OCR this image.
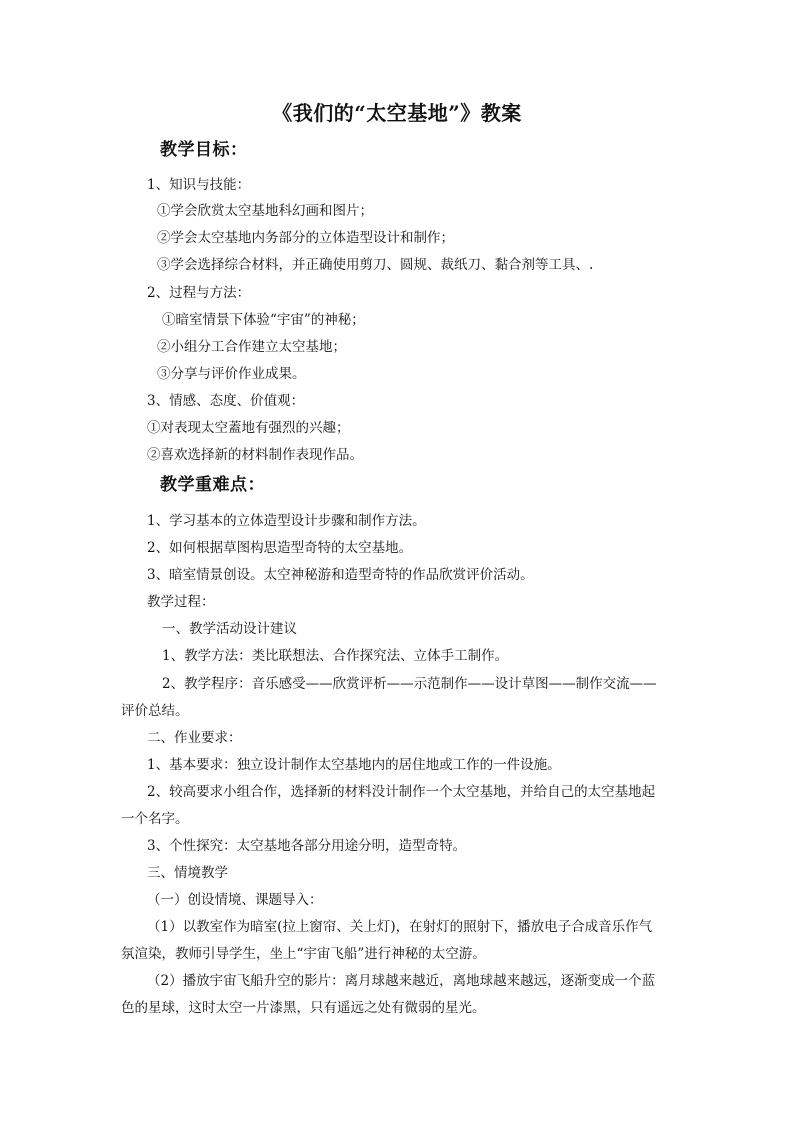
《我们的“太空基地”》教案
教学目标：
1、知识与技能：
①学会欣赏太空基地科幻画和图片；
②学会太空基地内务部分的立体造型设计和制作；
③学会选择综合材料，并正确使用剪刀、圆规、裁纸刀、黏合剂等工具、.
2、过程与方法：
①暗室情景下体验“宇宙”的神秘；
②小组分工合作建立太空基地；
③分享与评价作业成果。
3、情感、态度、价值观：
①对表现太空蓋地有强烈的兴趣；
②喜欢选择新的材料制作表现作品。
教学重难点：
1、学习基本的立体造型设计步骤和制作方法。
2、如何根据草图构思造型奇特的太空基地。
3、暗室情景创设。太空神秘游和造型奇特的作品欣赏评价活动。
教学过程：
一、教学活动设计建议
1、教学方法：类比联想法、合作探究法、立体手工制作。
2、教学程序：音乐感受——欣赏评析——示范制作——设计草图——制作交流——
评价总结。
二、作业要求：
1、基本要求：独立设计制作太空基地内的居住地或工作的一件设施。
2、较高要求小组合作，选择新的材料没计制作一个太空基地，并给自己的太空基地起
一个名字。
3、个性探究：太空基地各部分用途分明，造型奇特。
三、情境教学
（一）创设情境、课题导入：
（1）以教室作为暗室(拉上窗帘、关上灯)，在射灯的照射下，播放电子合成音乐作气
氛渲染，教师引导学生，坐上“宇宙飞船”进行神秘的太空游。
（2）播放宇宙飞船升空的影片：离月球越来越近，离地球越来越远，逐渐变成一个蓝
色的星球，这时太空一片漆黑，只有遥远之处有微弱的星光。
